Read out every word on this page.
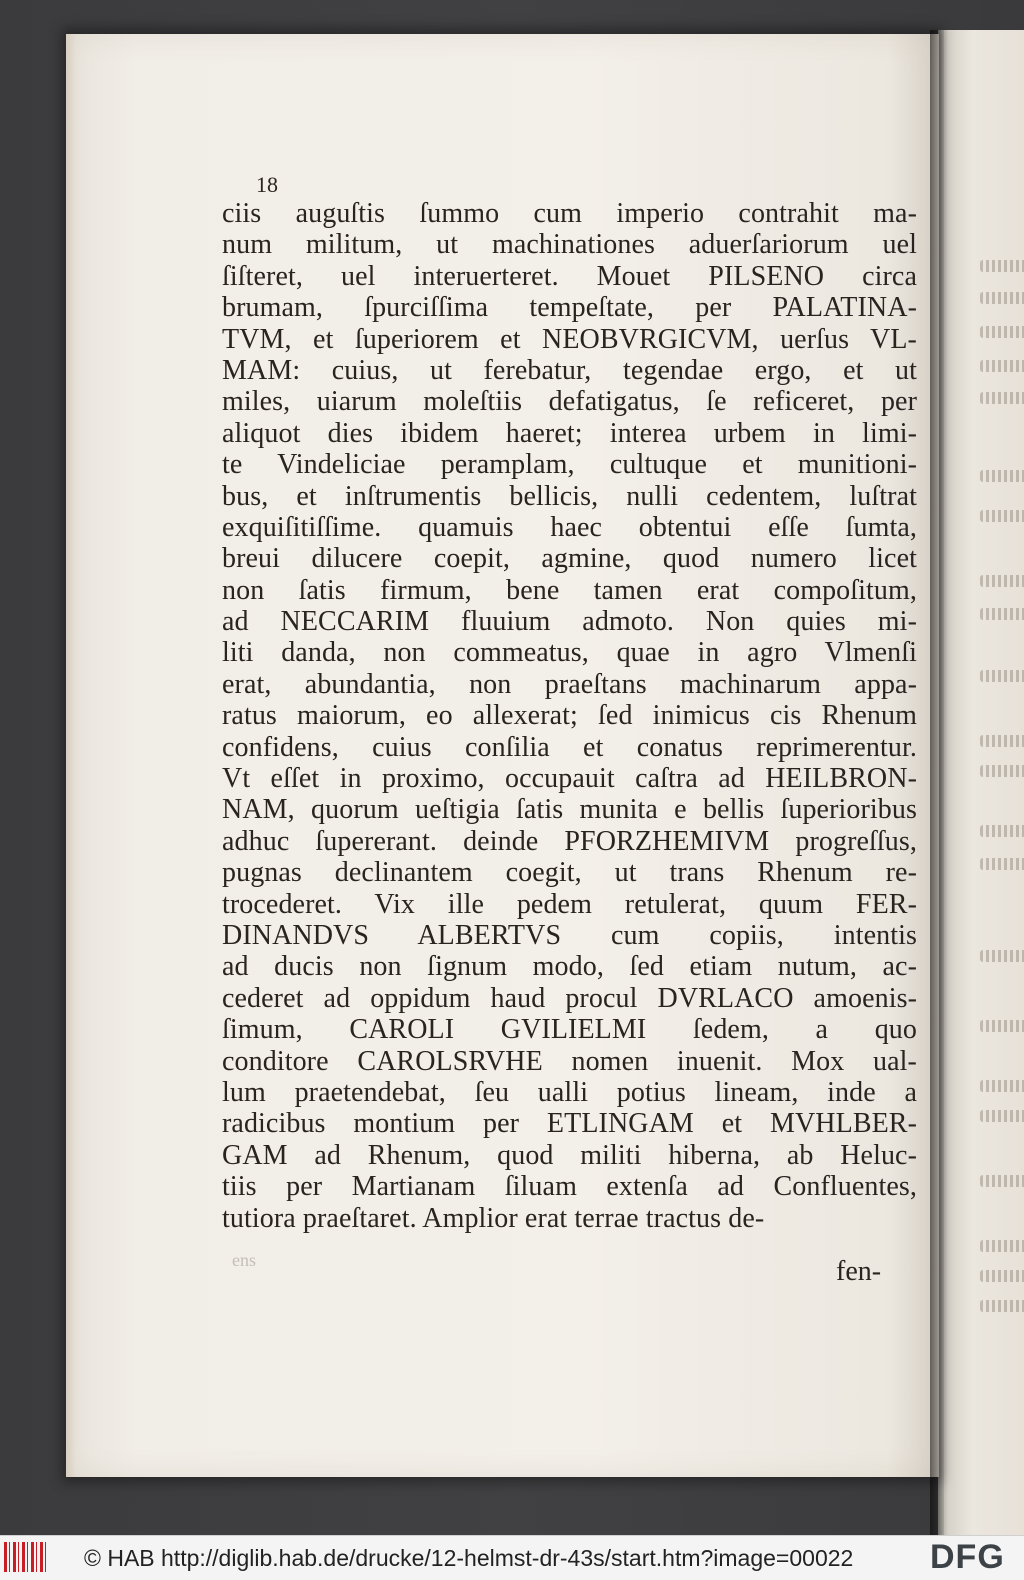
18
ens
ciis auguſtis ſummo cum imperio contrahit ma-
num militum, ut machinationes aduerſariorum uel
ſiſteret, uel interuerteret. Mouet PILSENO circa
brumam, ſpurciſſima tempeſtate, per PALATINA-
TVM, et ſuperiorem et NEOBVRGICVM, uerſus VL-
MAM: cuius, ut ferebatur, tegendae ergo, et ut
miles, uiarum moleſtiis defatigatus, ſe reficeret, per
aliquot dies ibidem haeret; interea urbem in limi-
te Vindeliciae peramplam, cultuque et munitioni-
bus, et inſtrumentis bellicis, nulli cedentem, luſtrat
exquiſitiſſime. quamuis haec obtentui eſſe ſumta,
breui dilucere coepit, agmine, quod numero licet
non ſatis firmum, bene tamen erat compoſitum,
ad NECCARIM fluuium admoto. Non quies mi-
liti danda, non commeatus, quae in agro Vlmenſi
erat, abundantia, non praeſtans machinarum appa-
ratus maiorum, eo allexerat; ſed inimicus cis Rhenum
confidens, cuius conſilia et conatus reprimerentur.
Vt eſſet in proximo, occupauit caſtra ad HEILBRON-
NAM, quorum ueſtigia ſatis munita e bellis ſuperioribus
adhuc ſupererant. deinde PFORZHEMIVM progreſſus,
pugnas declinantem coegit, ut trans Rhenum re-
trocederet. Vix ille pedem retulerat, quum FER-
DINANDVS ALBERTVS cum copiis, intentis
ad ducis non ſignum modo, ſed etiam nutum, ac-
cederet ad oppidum haud procul DVRLACO amoenis-
ſimum, CAROLI GVILIELMI ſedem, a quo
conditore CAROLSRVHE nomen inuenit. Mox ual-
lum praetendebat, ſeu ualli potius lineam, inde a
radicibus montium per ETLINGAM et MVHLBER-
GAM ad Rhenum, quod militi hiberna, ab Heluc-
tiis per Martianam ſiluam extenſa ad Confluentes,
tutiora praeſtaret. Amplior erat terrae tractus de-
fen-
© HAB http://diglib.hab.de/drucke/12-helmst-dr-43s/start.htm?image=00022 DFG
